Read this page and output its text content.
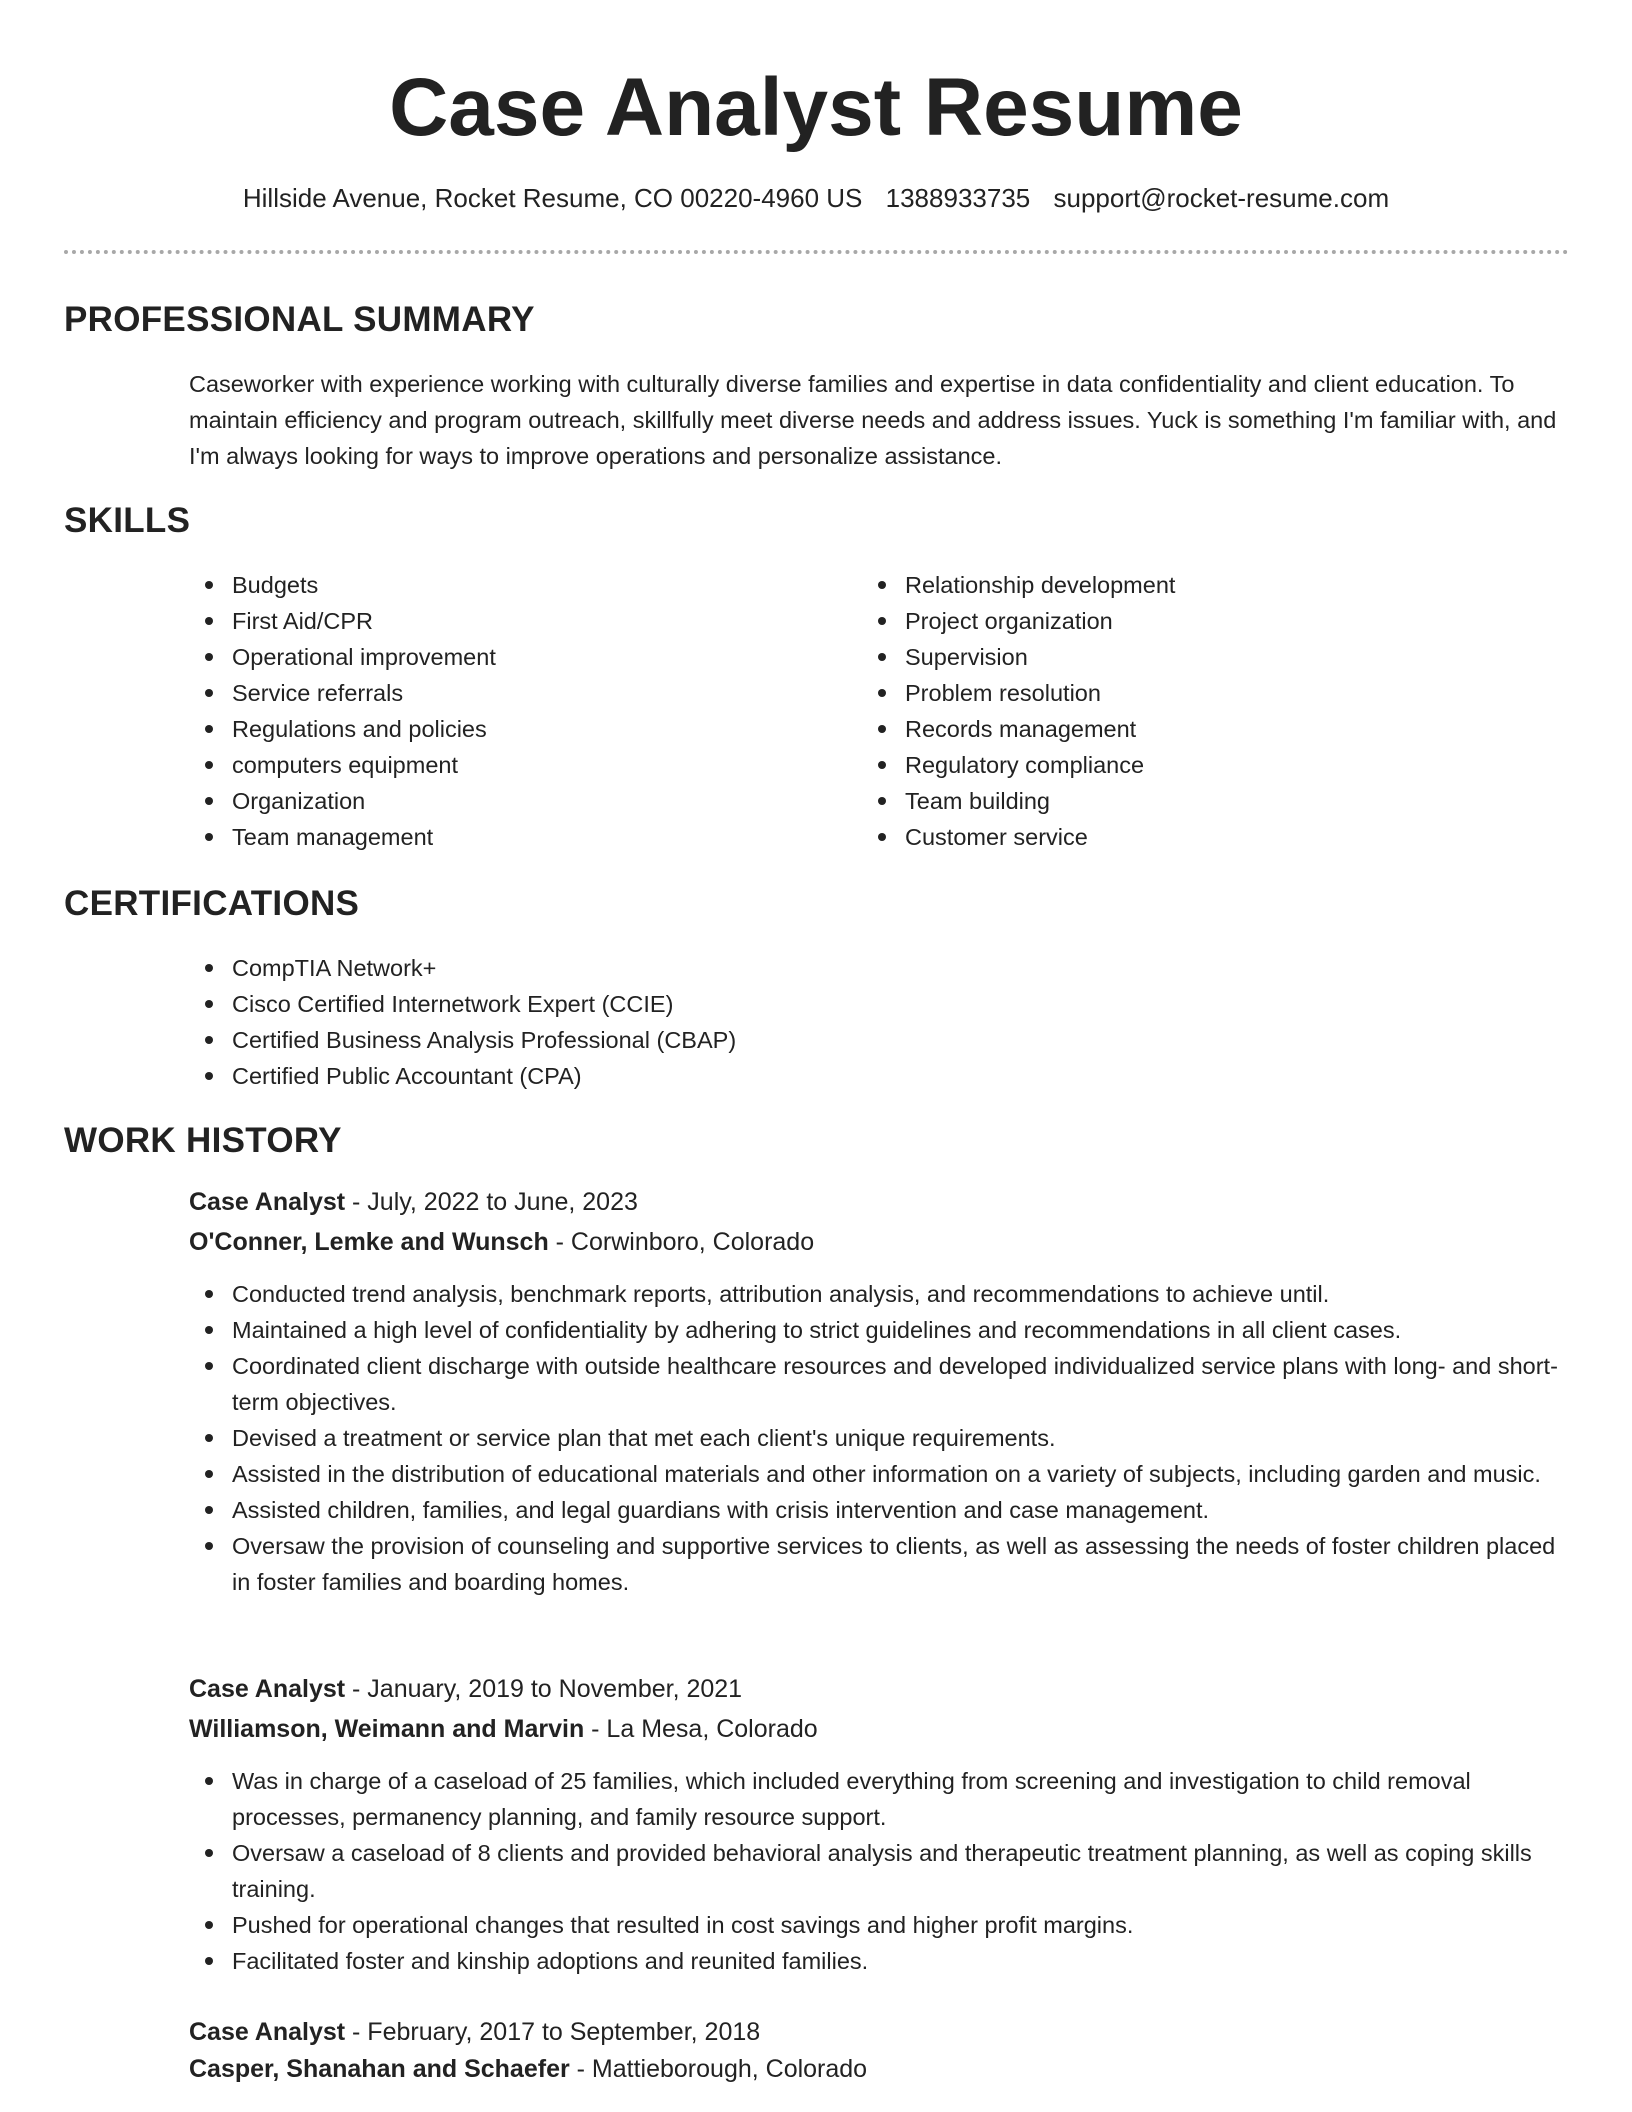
Case Analyst Resume
Hillside Avenue, Rocket Resume, CO 00220-4960 US 1388933735 support@rocket-resume.com
PROFESSIONAL SUMMARY

Caseworker with experience working with culturally diverse families and expertise in data confidentiality and client education. To maintain efficiency and program outreach, skillfully meet diverse needs and address issues. Yuck is something I'm familiar with, and I'm always looking for ways to improve operations and personalize assistance.

SKILLS
Budgets
First Aid/CPR
Operational improvement
Service referrals
Regulations and policies
computers equipment
Organization
Team management
Relationship development
Project organization
Supervision
Problem resolution
Records management
Regulatory compliance
Team building
Customer service
CERTIFICATIONS
CompTIA Network+
Cisco Certified Internetwork Expert (CCIE)
Certified Business Analysis Professional (CBAP)
Certified Public Accountant (CPA)
WORK HISTORY
Case Analyst - July, 2022 to June, 2023
O'Conner, Lemke and Wunsch - Corwinboro, Colorado
Conducted trend analysis, benchmark reports, attribution analysis, and recommendations to achieve until.
Maintained a high level of confidentiality by adhering to strict guidelines and recommendations in all client cases.
Coordinated client discharge with outside healthcare resources and developed individualized service plans with long- and short-term objectives.
Devised a treatment or service plan that met each client's unique requirements.
Assisted in the distribution of educational materials and other information on a variety of subjects, including garden and music.
Assisted children, families, and legal guardians with crisis intervention and case management.
Oversaw the provision of counseling and supportive services to clients, as well as assessing the needs of foster children placed in foster families and boarding homes.
Case Analyst - January, 2019 to November, 2021
Williamson, Weimann and Marvin - La Mesa, Colorado
Was in charge of a caseload of 25 families, which included everything from screening and investigation to child removal processes, permanency planning, and family resource support.
Oversaw a caseload of 8 clients and provided behavioral analysis and therapeutic treatment planning, as well as coping skills training.
Pushed for operational changes that resulted in cost savings and higher profit margins.
Facilitated foster and kinship adoptions and reunited families.
Case Analyst - February, 2017 to September, 2018
Casper, Shanahan and Schaefer - Mattieborough, Colorado
